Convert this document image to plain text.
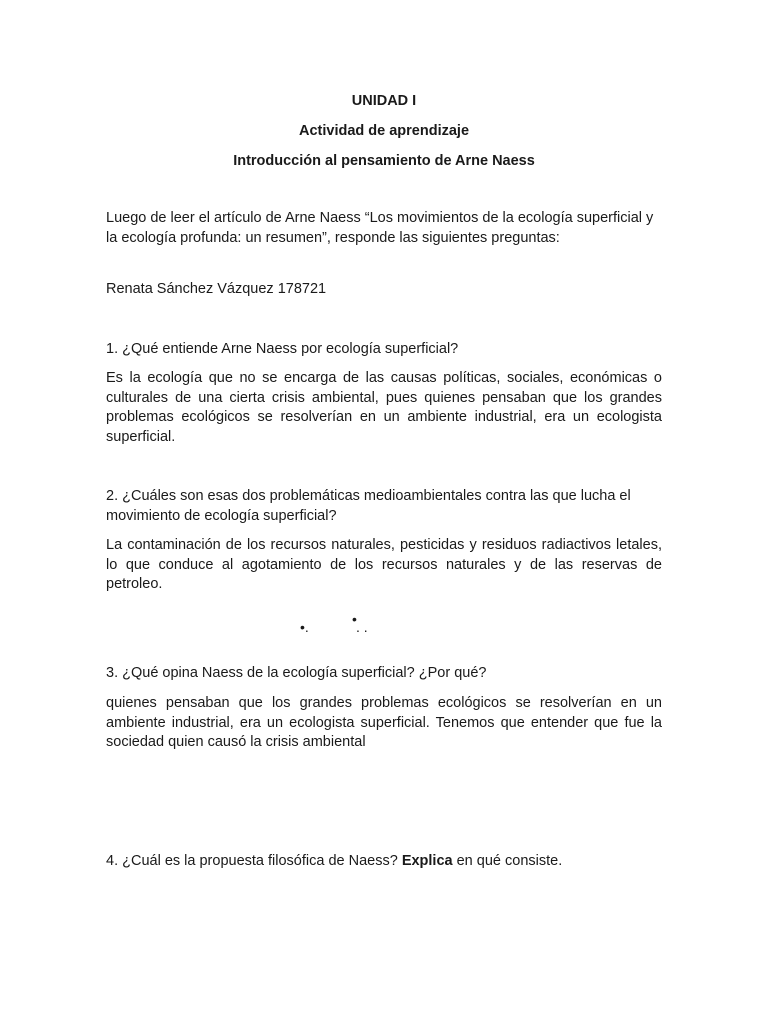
UNIDAD I

Actividad de aprendizaje

Introducción al pensamiento de Arne Naess

Luego de leer el artículo de Arne Naess “Los movimientos de la ecología superficial y la ecología profunda: un resumen”, responde las siguientes preguntas:

Renata Sánchez Vázquez 178721

1. ¿Qué entiende Arne Naess por ecología superficial?

Es la ecología que no se encarga de las causas políticas, sociales, económicas o culturales de una cierta crisis ambiental, pues quienes pensaban que los grandes problemas ecológicos se resolverían en un ambiente industrial, era un ecologista superficial.

2. ¿Cuáles son esas dos problemáticas medioambientales contra las que lucha el movimiento de ecología superficial?

La contaminación de los recursos naturales, pesticidas y residuos radiactivos letales, lo que conduce al agotamiento de los recursos naturales y de las reservas de petroleo.

•.	• . .

3. ¿Qué opina Naess de la ecología superficial? ¿Por qué?

quienes pensaban que los grandes problemas ecológicos se resolverían en un ambiente industrial, era un ecologista superficial. Tenemos que entender que fue la sociedad quien causó la crisis ambiental

4. ¿Cuál es la propuesta filosófica de Naess? Explica en qué consiste.
